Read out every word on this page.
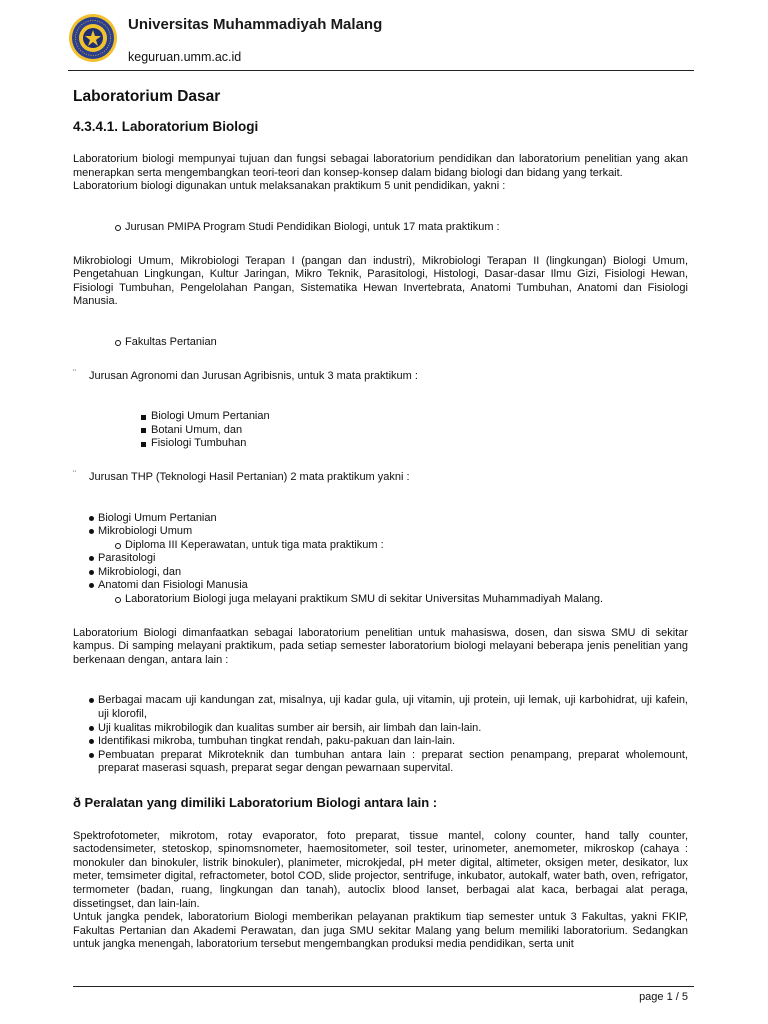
Universitas Muhammadiyah Malang
keguruan.umm.ac.id
Laboratorium Dasar
4.3.4.1. Laboratorium Biologi

Laboratorium biologi mempunyai tujuan dan fungsi sebagai laboratorium pendidikan dan laboratorium penelitian yang akan menerapkan serta mengembangkan teori-teori dan konsep-konsep dalam bidang biologi dan bidang yang terkait.

Laboratorium biologi digunakan untuk melaksanakan praktikum 5 unit pendidikan, yakni :

Jurusan PMIPA Program Studi Pendidikan Biologi, untuk 17 mata praktikum :

Mikrobiologi Umum, Mikrobiologi Terapan I (pangan dan industri), Mikrobiologi Terapan II (lingkungan) Biologi Umum, Pengetahuan Lingkungan, Kultur Jaringan, Mikro Teknik, Parasitologi, Histologi, Dasar-dasar Ilmu Gizi, Fisiologi Hewan, Fisiologi Tumbuhan, Pengelolahan Pangan, Sistematika Hewan Invertebrata, Anatomi Tumbuhan, Anatomi dan Fisiologi Manusia.

Fakultas Pertanian
¨ Jurusan Agronomi dan Jurusan Agribisnis, untuk 3 mata praktikum :
Biologi Umum Pertanian
Botani Umum, dan
Fisiologi Tumbuhan
¨ Jurusan THP (Teknologi Hasil Pertanian) 2 mata praktikum yakni :
Biologi Umum Pertanian
Mikrobiologi Umum
Diploma III Keperawatan, untuk tiga mata praktikum :
Parasitologi
Mikrobiologi, dan
Anatomi dan Fisiologi Manusia
Laboratorium Biologi juga melayani praktikum SMU di sekitar Universitas Muhammadiyah Malang.

Laboratorium Biologi dimanfaatkan sebagai laboratorium penelitian untuk mahasiswa, dosen, dan siswa SMU di sekitar kampus. Di samping melayani praktikum, pada setiap semester laboratorium biologi melayani beberapa jenis penelitian yang berkenaan dengan, antara lain :

Berbagai macam uji kandungan zat, misalnya, uji kadar gula, uji vitamin, uji protein, uji lemak, uji karbohidrat, uji kafein, uji klorofil,
Uji kualitas mikrobilogik dan kualitas sumber air bersih, air limbah dan lain-lain.
Identifikasi mikroba, tumbuhan tingkat rendah, paku-pakuan dan lain-lain.
Pembuatan preparat Mikroteknik dan tumbuhan antara lain : preparat section penampang, preparat wholemount, preparat maserasi squash, preparat segar dengan pewarnaan supervital.
ð Peralatan yang dimiliki Laboratorium Biologi antara lain :

Spektrofotometer, mikrotom, rotay evaporator, foto preparat, tissue mantel, colony counter, hand tally counter, sactodensimeter, stetoskop, spinomsnometer, haemositometer, soil tester, urinometer, anemometer, mikroskop (cahaya : monokuler dan binokuler, listrik binokuler), planimeter, microkjedal, pH meter digital, altimeter, oksigen meter, desikator, lux meter, temsimeter digital, refractometer, botol COD, slide projector, sentrifuge, inkubator, autokalf, water bath, oven, refrigator, termometer (badan, ruang, lingkungan dan tanah), autoclix blood lanset, berbagai alat kaca, berbagai alat peraga, dissetingset, dan lain-lain.

Untuk jangka pendek, laboratorium Biologi memberikan pelayanan praktikum tiap semester untuk 3 Fakultas, yakni FKIP, Fakultas Pertanian dan Akademi Perawatan, dan juga SMU sekitar Malang yang belum memiliki laboratorium. Sedangkan untuk jangka menengah, laboratorium tersebut mengembangkan produksi media pendidikan, serta unit

page 1 / 5
